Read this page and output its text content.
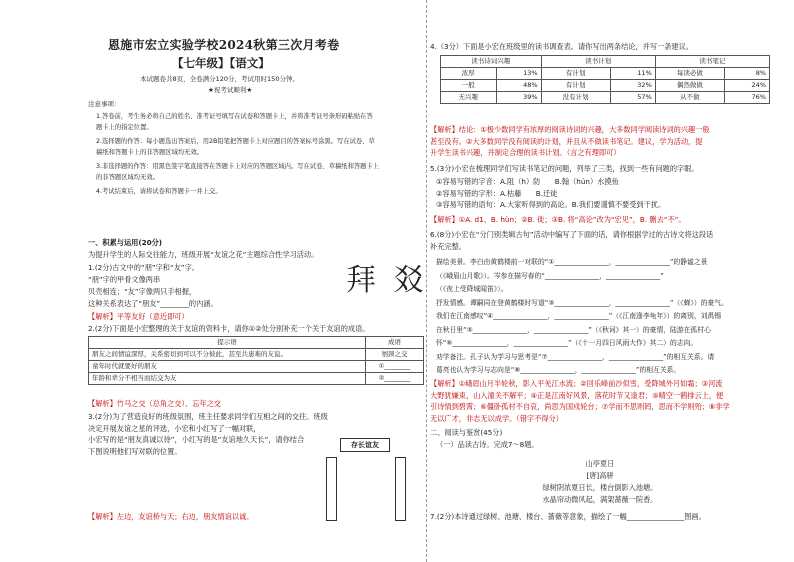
恩施市宏立实验学校2024秋第三次月考卷
【七年级】【语文】
本试题卷共8页，全卷满分120分，考试用时150分钟。
★祝考试顺利★
注意事项：
1.答卷前，考生务必将自己的姓名、准考证号填写在试卷和答题卡上，并将准考证号条形码粘贴在答
题卡上的指定位置。
2.选择题的作答：每小题选出答案后，用2B铅笔把答题卡上对应题目的答案标号涂黑。写在试卷、草
稿纸和答题卡上的非答题区域均无效。
3.非选择题的作答：用黑色签字笔直接答在答题卡上对应的答题区域内。写在试卷、草稿纸和答题卡上
的非答题区域均无效。
4.考试结束后，请将试卷和答题卡一并上交。
一、积累与运用(20分)
为提升学生的人际交往能力，班级开展“友谊之花”主题综合性学习活动。
1.(2分)古文中的“朋”字和“友”字。
“朋”字的甲骨文像两串
贝壳相连；“友”字像两只手相握，
这种关系表达了“朋友”________的内涵。
拜 㸚
【解析】平等友好（意近即可）
2.(2分)下面是小宏整理的关于友谊的资料卡，请你①②处分别补充一个关于友谊的成语。
提示语	成语
朋友之间情谊深厚，关系密切到可以不分彼此，甚至共患难的友谊。	刎颈之交
童年时代就要好的朋友	①________
年龄和辈分不相当而结交为友	②________
【解析】竹马之交（总角之交）、忘年之交
3.(2分)为了营造良好的班级氛围，班主任要求同学们互相之间的交往。班级
决定开展友谊之星的评选，小宏和小红写了一幅对联，
小宏写的是“朋友真诚以待”，小红写的是“友谊地久天长”，请你结合
下图说明他们写对联的位置。
存长谊友
【解析】左边，友谊桥与天；右边，朋友情谊以诚。
4.（3分）下面是小宏在班级里的读书调查表。请你写出两条结论，并写一条建议。
读书诗词兴趣		读书计划		读书笔记	
浓厚	13%	有计划	11%	每读必做	8%
一般	48%	有计划	32%	偶然做做	24%
无兴趣	39%	没有计划	57%	从不做	76%
【解析】结论：①极少数同学有浓厚的阅读诗词的兴趣，大多数同学阅读诗词的兴趣一般
甚至没有。②大多数同学没有阅读的计划，并且从不做读书笔记。建议，学为活动，提
升学生读书兴趣，并制定合理的读书计划。（言之有理即可）
5.(3分)小宏在梳理同学们写读书笔记的问题，列举了三类，找到一些有问题的字眼。
①容易写错的字音：A.阻（h）防　　B.翰（hún）水摸鱼
②容易写错的字形：A.枯藤　　B.迁徒
③容易写错的语句：A.大家听得到的高论。B.我们要谨慎不要受到干扰。
【解析】①A. d1、B. hùn；②B. 徙；③B. 将“高论”改为“宏见”，B. 删去“不”。
6.(8分)小宏在“分门别类辑古句”活动中编写了下面的话，请你根据学过的古诗文将这段话
补充完整。
描绘美景。李白由黄鹤楼前一对联的“①________________，________________”的静谧之景
（《峨眉山月歌》）。岑参在描写春的“________________，________________”
（《夜上受降城闻笛》）。
抒发情感。谭嗣同在登黄鹤楼时写道“③________________，________________”（《蝉》）的豪气。
我们在江南感叹“④________________，________________”（《江南逢李龟年》）的离别，刘禹锡
在秋日里“⑤________________，________________”（《秋词》其一）的豪情，陆游在孤村心
怀“⑥________________，________________”（《十一月四日风雨大作》其二）的志向。
劝学备注。孔子认为学习与思考是“⑦________________，________________”的相互关系。请
葛亮也认为学习与志向是“⑧________________，________________”的相互关系。
【解析】①峨眉山月半轮秋，影入平羌江水流；②回乐峰前沙似雪，受降城外月如霜；③河流
大野犹嫌束，山入潼关不解平；④正是江南好风景，落花时节又逢君；⑤晴空一鹤排云上，便
引诗情到碧霄；⑥僵卧孤村不自哀，尚思为国戍轮台；⑦学而不思则罔，思而不学则殆；⑧非学
无以广才，非志无以成学。（错字不得分）
二、阅读与鉴赏(45分)
（一）品读古诗。完成7～8题。
山亭夏日
[唐]高骈
绿树阴浓夏日长，楼台倒影入池塘。
水晶帘动微风起，满架蔷薇一院香。
7.(2分)本诗通过绿树、池塘、楼台、蔷薇等意象，描绘了一幅________________图画。
